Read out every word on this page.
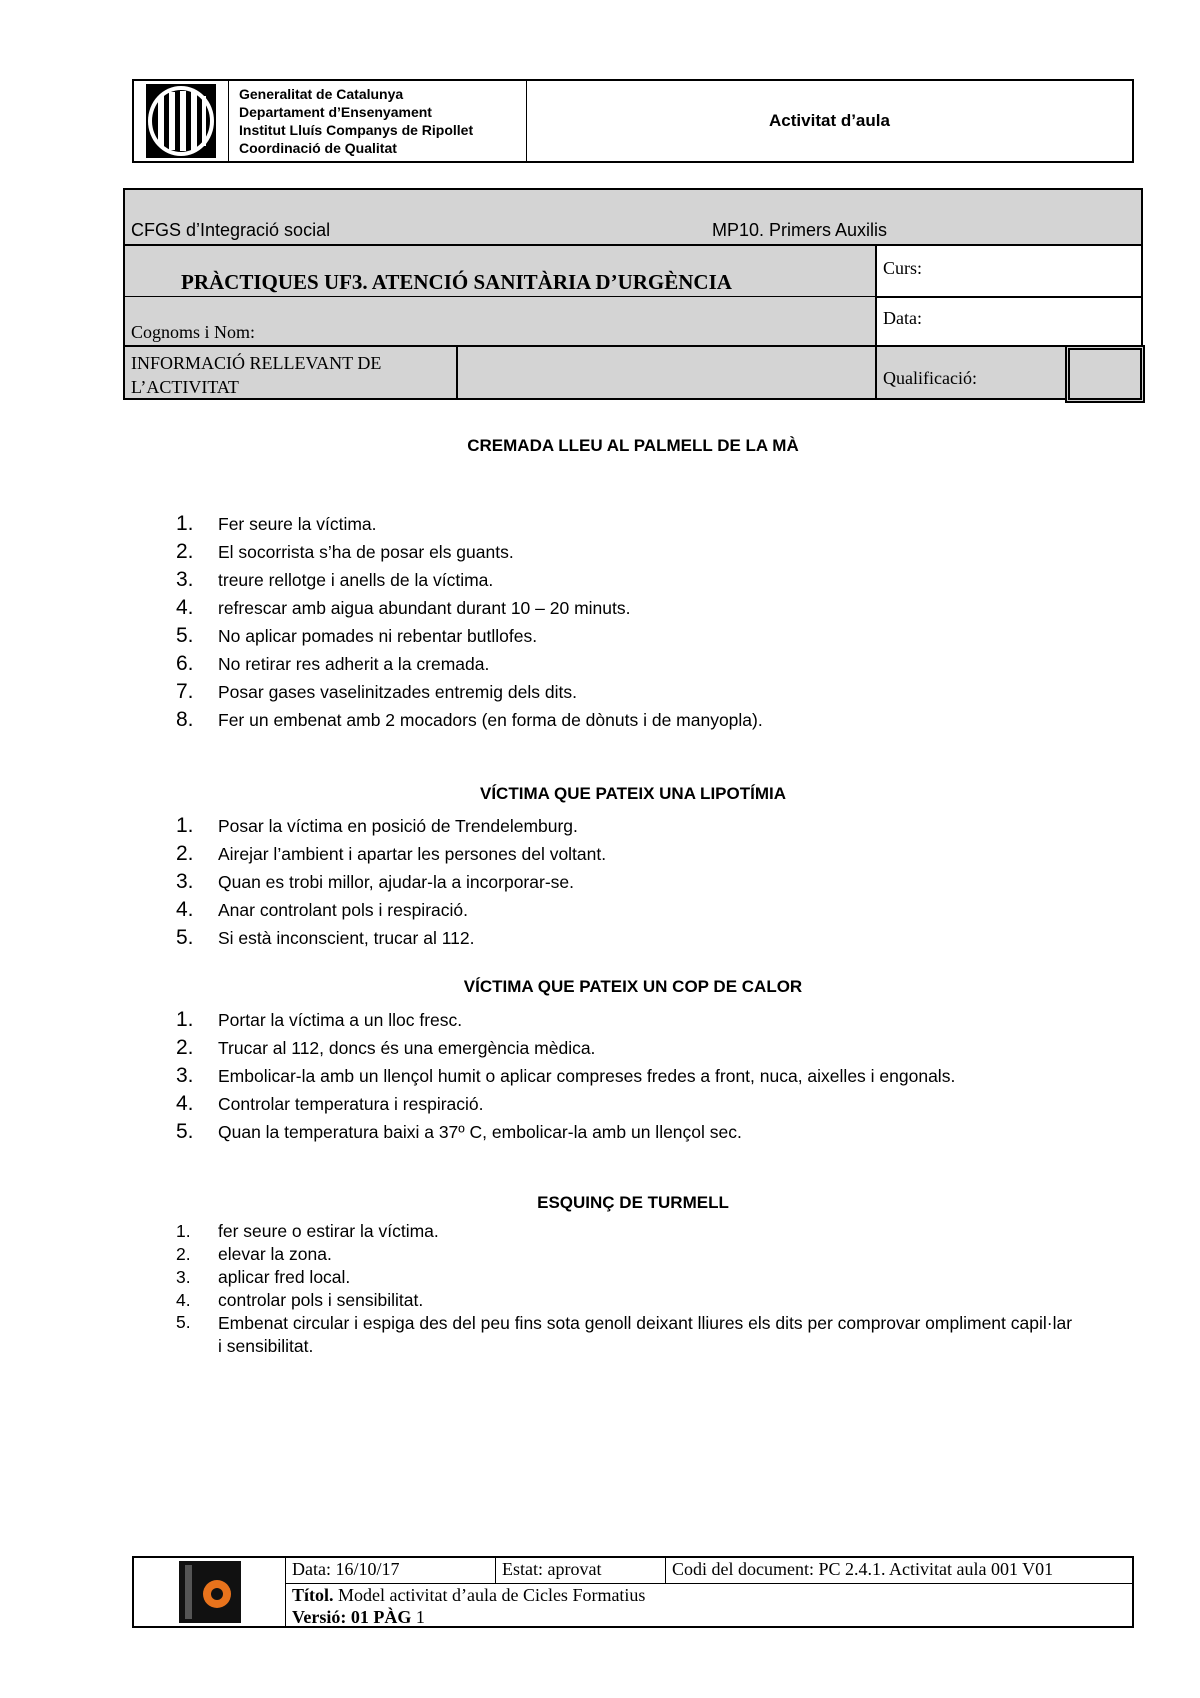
Generalitat de Catalunya
Departament d’Ensenyament
Institut Lluís Companys de Ripollet
Coordinació de Qualitat
Activitat d’aula
CFGS d’Integració social	MP10. Primers Auxilis
PRÀCTIQUES UF3. ATENCIÓ SANITÀRIA D’URGÈNCIA
Cognoms i Nom:
Curs:
Data:
INFORMACIÓ RELLEVANT DE L’ACTIVITAT	Qualificació:
CREMADA LLEU AL PALMELL DE LA MÀ
1.	Fer seure la víctima.
2.	El socorrista s’ha de posar els guants.
3.	treure rellotge i anells de la víctima.
4.	refrescar amb aigua abundant durant 10 – 20 minuts.
5.	No aplicar pomades ni rebentar butllofes.
6.	No retirar res adherit a la cremada.
7.	Posar gases vaselinitzades entremig dels dits.
8.	Fer un embenat amb 2 mocadors (en forma de dònuts i de manyopla).
VÍCTIMA QUE PATEIX UNA LIPOTÍMIA
1.	Posar la víctima en posició de Trendelemburg.
2.	Airejar l’ambient i apartar les persones del voltant.
3.	Quan es trobi millor, ajudar-la a incorporar-se.
4.	Anar controlant pols i respiració.
5.	Si està inconscient, trucar al 112.
VÍCTIMA QUE PATEIX UN COP DE CALOR
1.	Portar la víctima a un lloc fresc.
2.	Trucar al 112, doncs és una emergència mèdica.
3.	Embolicar-la amb un llençol humit o aplicar compreses fredes a front, nuca, aixelles i engonals.
4.	Controlar temperatura i respiració.
5.	Quan la temperatura baixi a 37º C, embolicar-la amb un llençol sec.
ESQUINÇ DE TURMELL
1.	fer seure o estirar la víctima.
2.	elevar la zona.
3.	aplicar fred local.
4.	controlar pols i sensibilitat.
5.	Embenat circular i espiga des del peu fins sota genoll deixant lliures els dits per comprovar ompliment capil·lar i sensibilitat.
Data: 16/10/17	Estat: aprovat	Codi del document: PC 2.4.1. Activitat aula 001 V01
Títol. Model activitat d’aula de Cicles Formatius
Versió: 01 PÀG 1
